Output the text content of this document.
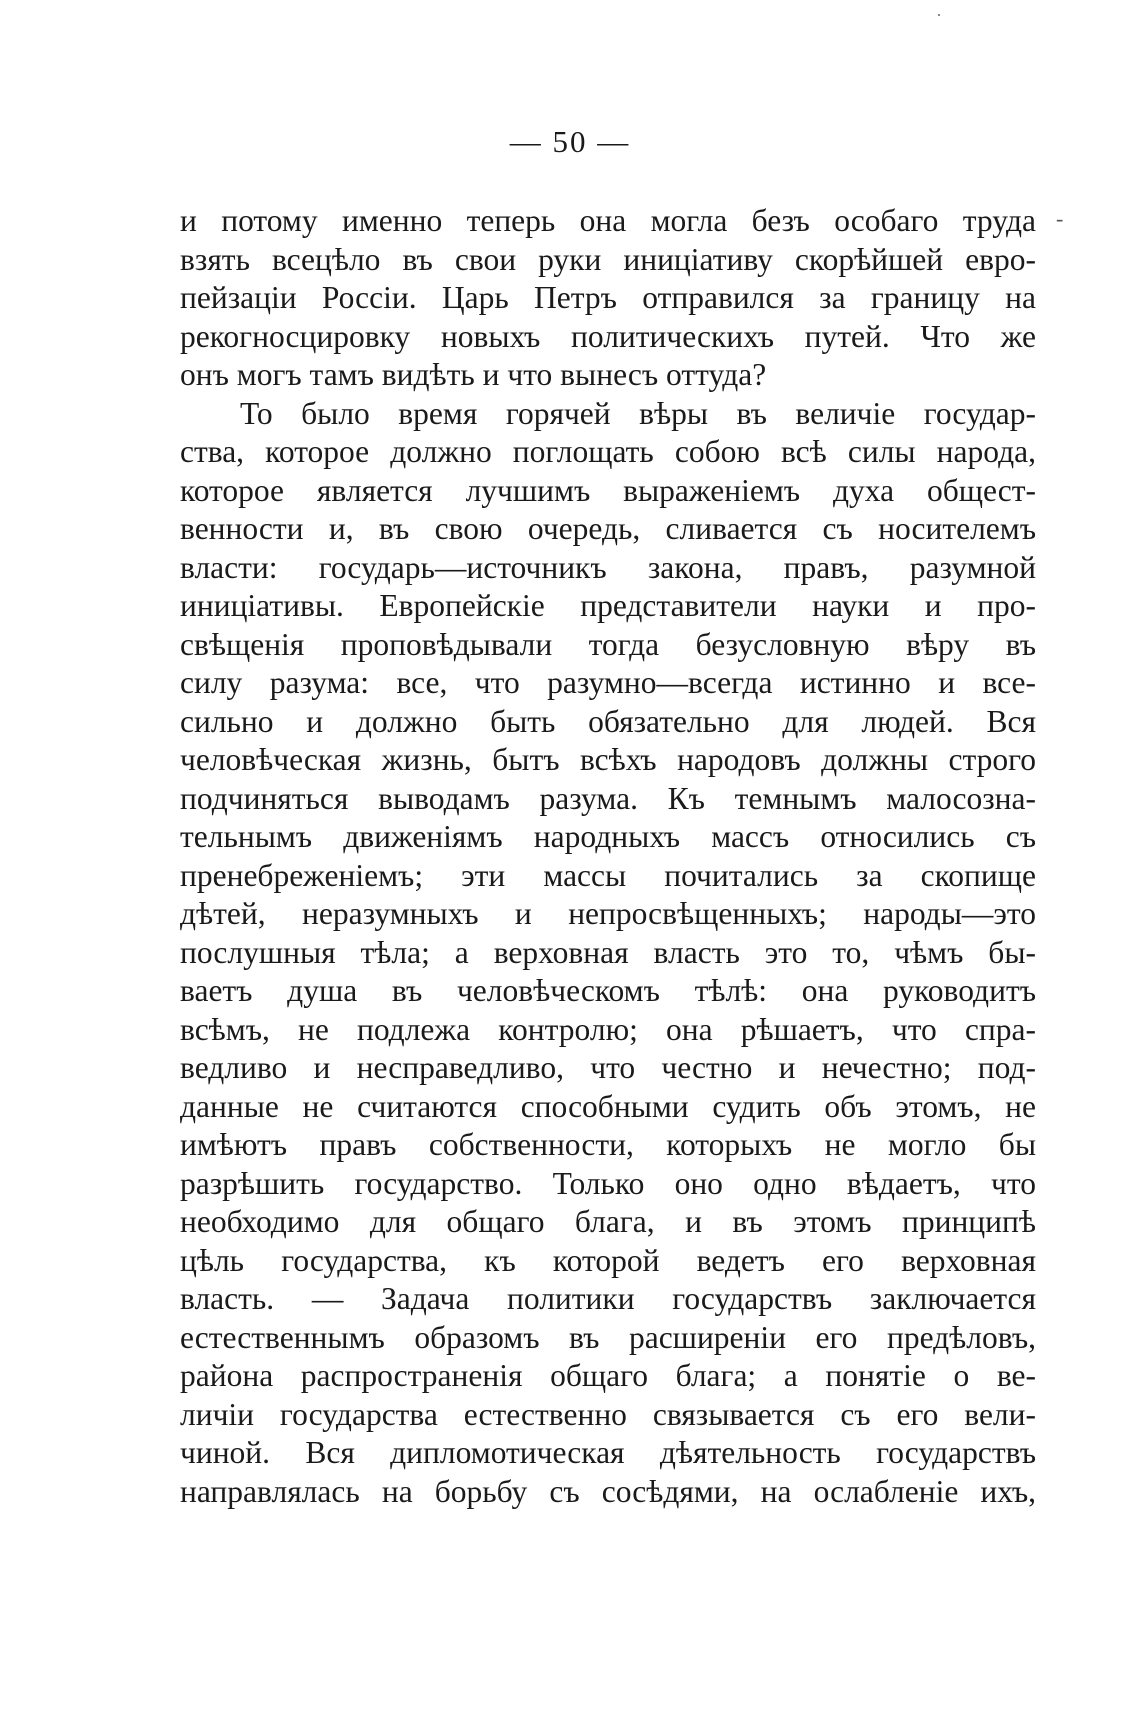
— 50 —
-
и потому именно теперь она могла безъ особаго труда
взять всецѣло въ свои руки иниціативу скорѣйшей евро-
пейзаціи Россіи. Царь Петръ отправился за границу на
рекогносцировку новыхъ политическихъ путей. Что же
онъ могъ тамъ видѣть и что вынесъ оттуда?
То было время горячей вѣры въ величіе государ-
ства, которое должно поглощать собою всѣ силы народа,
которое является лучшимъ выраженіемъ духа общест-
венности и, въ свою очередь, сливается съ носителемъ
власти: государь—источникъ закона, правъ, разумной
иниціативы. Европейскіе представители науки и про-
свѣщенія проповѣдывали тогда безусловную вѣру въ
силу разума: все, что разумно—всегда истинно и все-
сильно и должно быть обязательно для людей. Вся
человѣческая жизнь, бытъ всѣхъ народовъ должны строго
подчиняться выводамъ разума. Къ темнымъ малосозна-
тельнымъ движеніямъ народныхъ массъ относились съ
пренебреженіемъ; эти массы почитались за скопище
дѣтей, неразумныхъ и непросвѣщенныхъ; народы—это
послушныя тѣла; а верховная власть это то, чѣмъ бы-
ваетъ душа въ человѣческомъ тѣлѣ: она руководитъ
всѣмъ, не подлежа контролю; она рѣшаетъ, что спра-
ведливо и несправедливо, что честно и нечестно; под-
данные не считаются способными судить объ этомъ, не
имѣютъ правъ собственности, которыхъ не могло бы
разрѣшить государство. Только оно одно вѣдаетъ, что
необходимо для общаго блага, и въ этомъ принципѣ
цѣль государства, къ которой ведетъ его верховная
власть. — Задача политики государствъ заключается
естественнымъ образомъ въ расширеніи его предѣловъ,
района распространенія общаго блага; а понятіе о ве-
личіи государства естественно связывается съ его вели-
чиной. Вся дипломотическая дѣятельность государствъ
направлялась на борьбу съ сосѣдями, на ослабленіе ихъ,
